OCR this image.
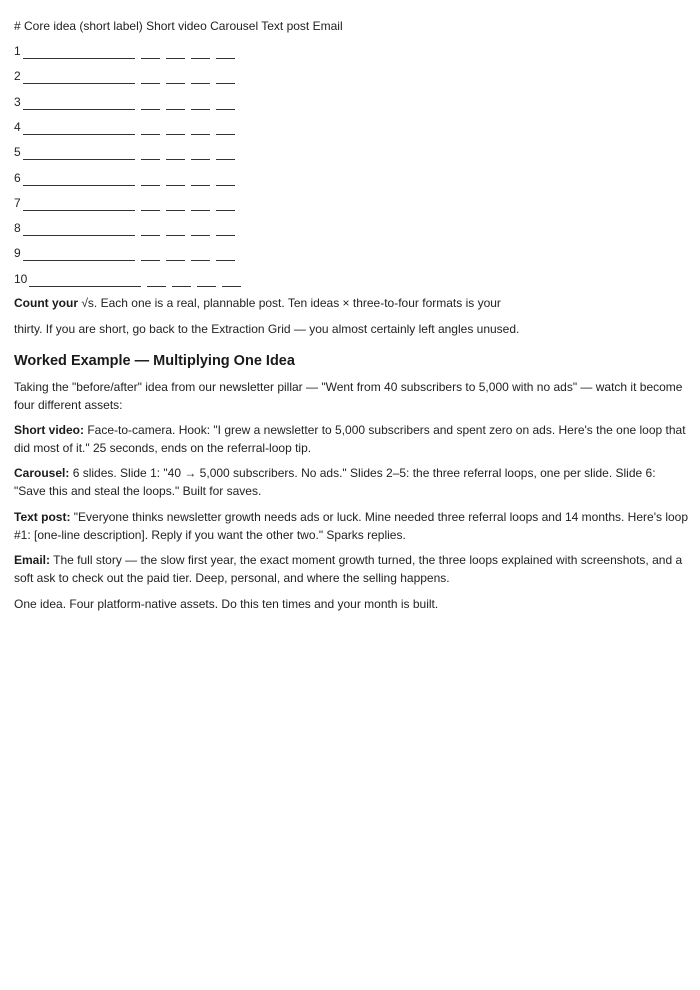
# Core idea (short label) Short video Carousel Text post Email
1
2
3
4
5
6
7
8
9
10

Count your √s. Each one is a real, plannable post. Ten ideas × three-to-four formats is your

thirty. If you are short, go back to the Extraction Grid — you almost certainly left angles unused.

Worked Example — Multiplying One Idea

Taking the "before/after" idea from our newsletter pillar — "Went from 40 subscribers to 5,000 with no ads" — watch it become four different assets:

Short video: Face-to-camera. Hook: "I grew a newsletter to 5,000 subscribers and spent zero on ads. Here's the one loop that did most of it." 25 seconds, ends on the referral-loop tip.

Carousel: 6 slides. Slide 1: "40 → 5,000 subscribers. No ads." Slides 2–5: the three referral loops, one per slide. Slide 6: "Save this and steal the loops." Built for saves.

Text post: "Everyone thinks newsletter growth needs ads or luck. Mine needed three referral loops and 14 months. Here's loop #1: [one-line description]. Reply if you want the other two." Sparks replies.

Email: The full story — the slow first year, the exact moment growth turned, the three loops explained with screenshots, and a soft ask to check out the paid tier. Deep, personal, and where the selling happens.

One idea. Four platform-native assets. Do this ten times and your month is built.
